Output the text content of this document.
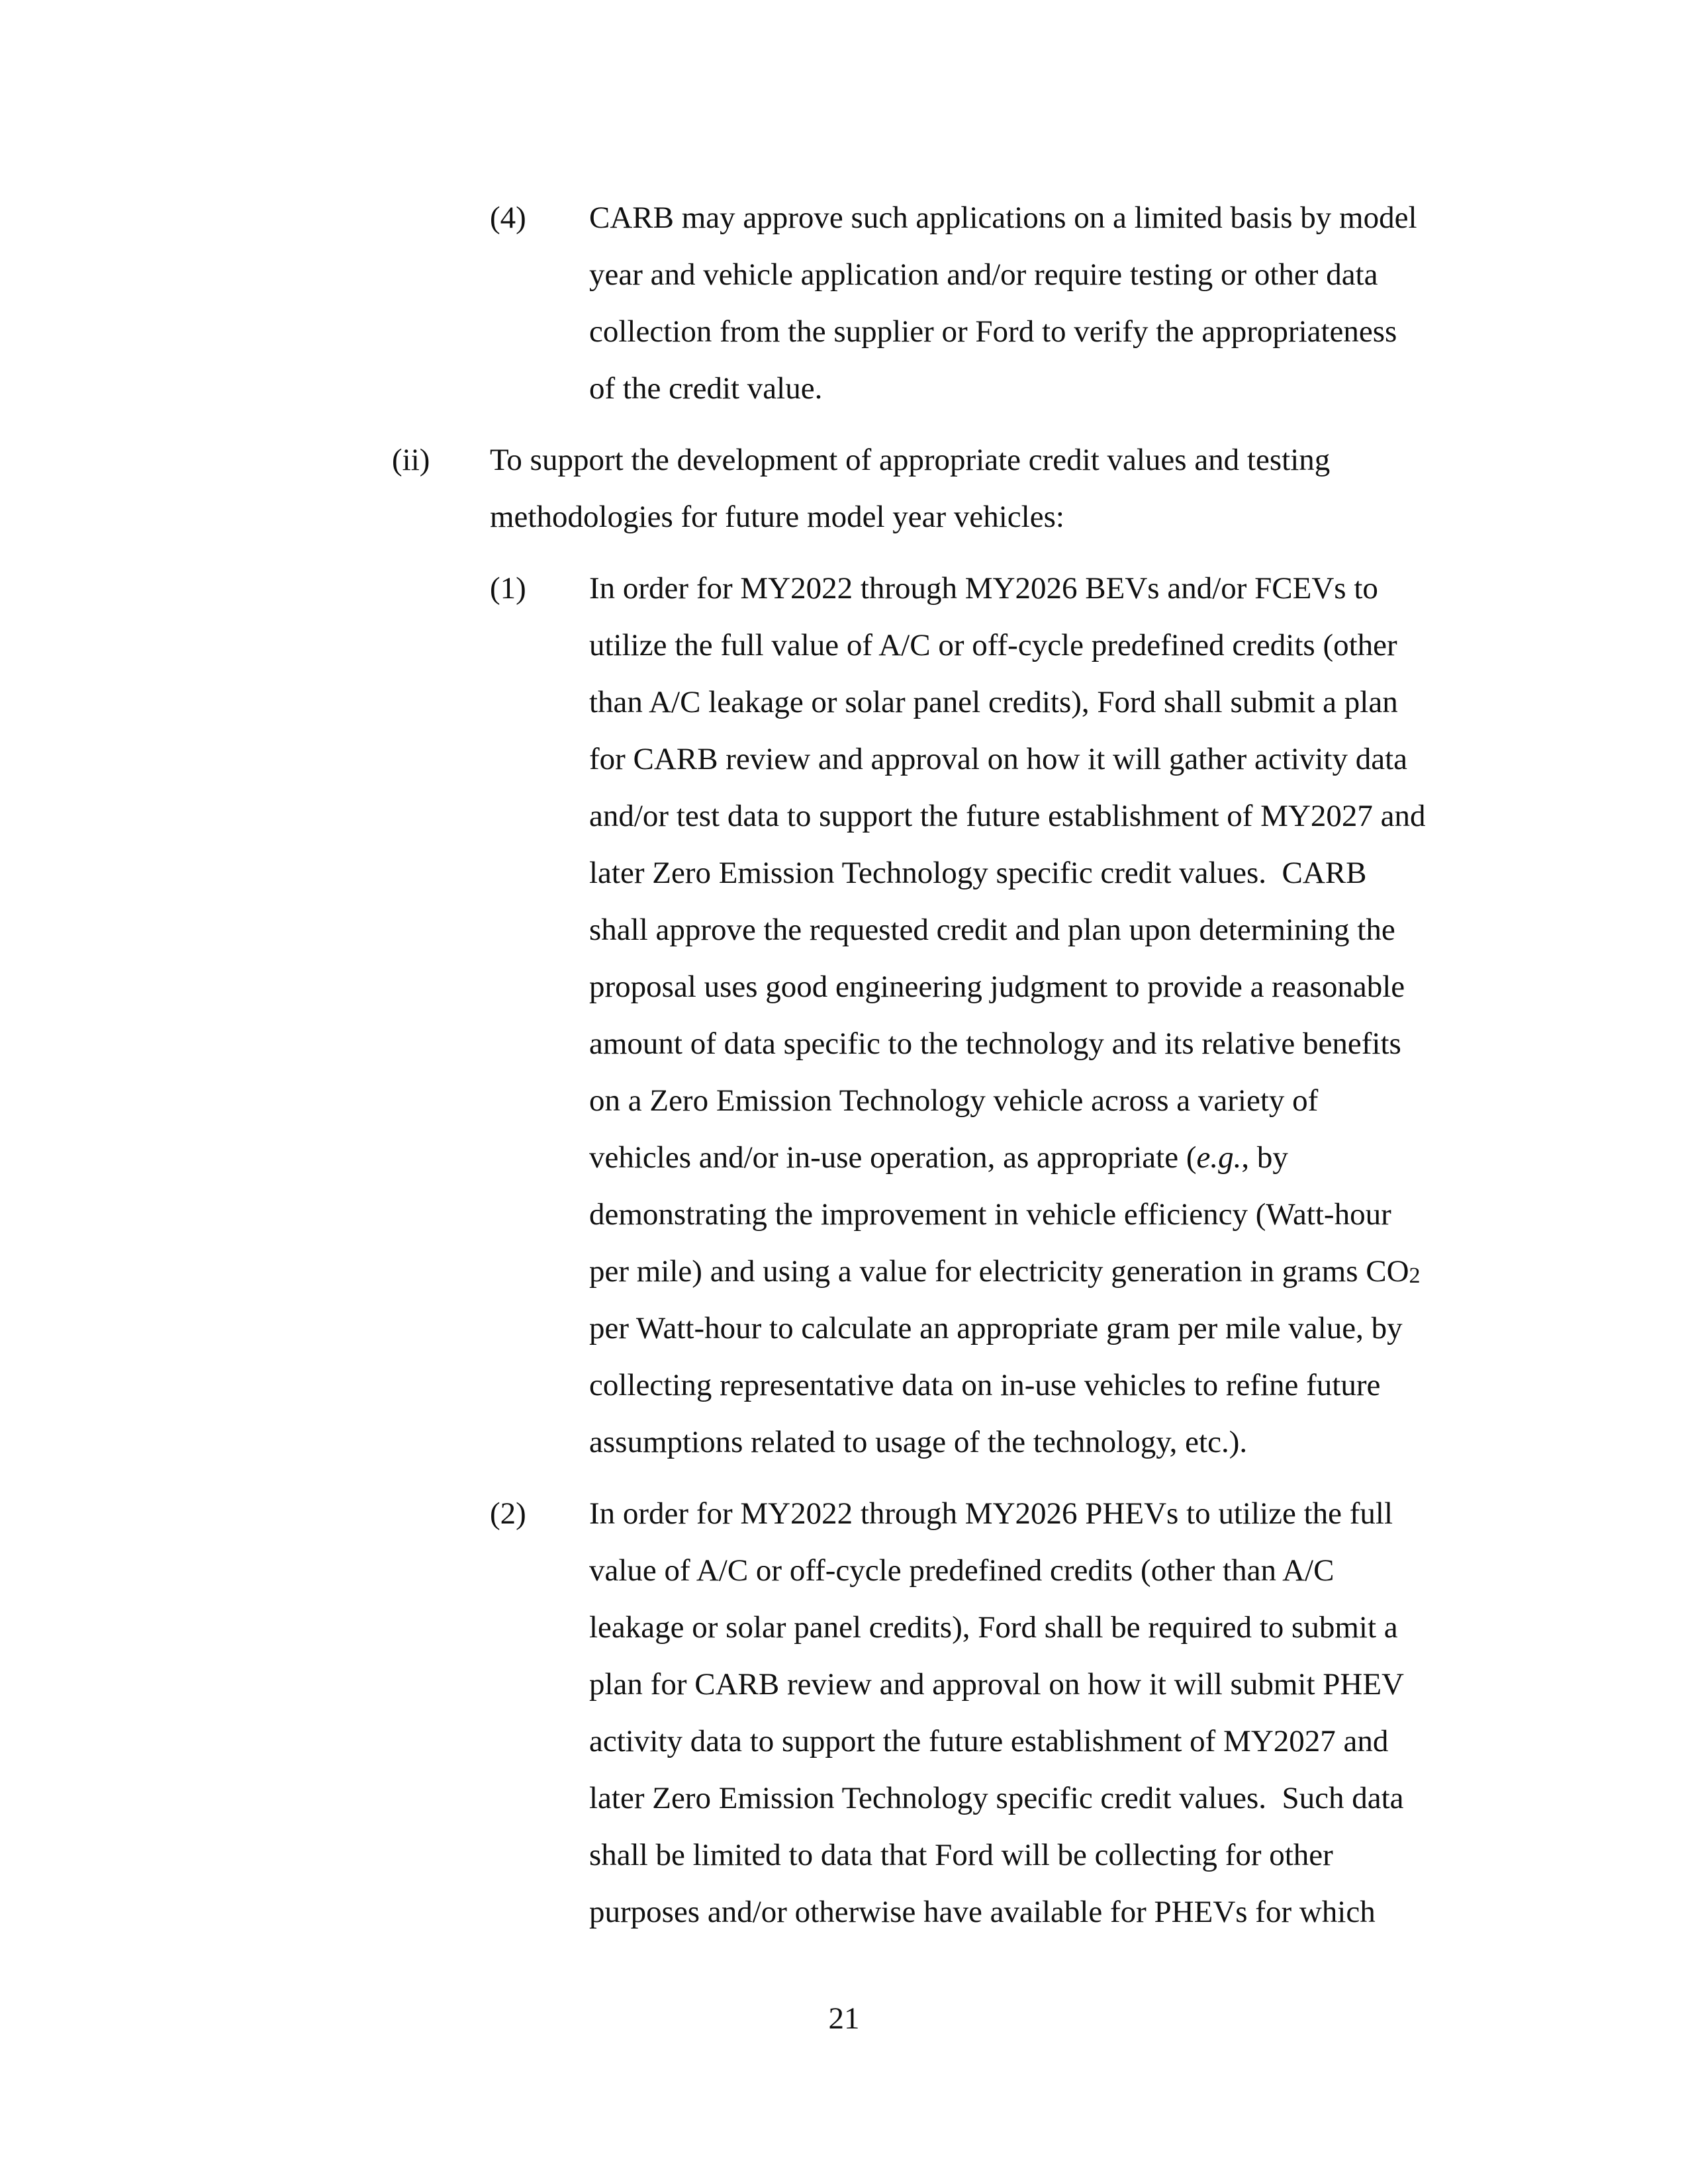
(4) CARB may approve such applications on a limited basis by model
year and vehicle application and/or require testing or other data
collection from the supplier or Ford to verify the appropriateness
of the credit value.
(ii) To support the development of appropriate credit values and testing
methodologies for future model year vehicles:
(1) In order for MY2022 through MY2026 BEVs and/or FCEVs to
utilize the full value of A/C or off-cycle predefined credits (other
than A/C leakage or solar panel credits), Ford shall submit a plan
for CARB review and approval on how it will gather activity data
and/or test data to support the future establishment of MY2027 and
later Zero Emission Technology specific credit values.  CARB
shall approve the requested credit and plan upon determining the
proposal uses good engineering judgment to provide a reasonable
amount of data specific to the technology and its relative benefits
on a Zero Emission Technology vehicle across a variety of
vehicles and/or in-use operation, as appropriate (e.g., by
demonstrating the improvement in vehicle efficiency (Watt-hour
per mile) and using a value for electricity generation in grams $CO_2$
per Watt-hour to calculate an appropriate gram per mile value, by
collecting representative data on in-use vehicles to refine future
assumptions related to usage of the technology, etc.).
(2) In order for MY2022 through MY2026 PHEVs to utilize the full
value of A/C or off-cycle predefined credits (other than A/C
leakage or solar panel credits), Ford shall be required to submit a
plan for CARB review and approval on how it will submit PHEV
activity data to support the future establishment of MY2027 and
later Zero Emission Technology specific credit values.  Such data
shall be limited to data that Ford will be collecting for other
purposes and/or otherwise have available for PHEVs for which
21
